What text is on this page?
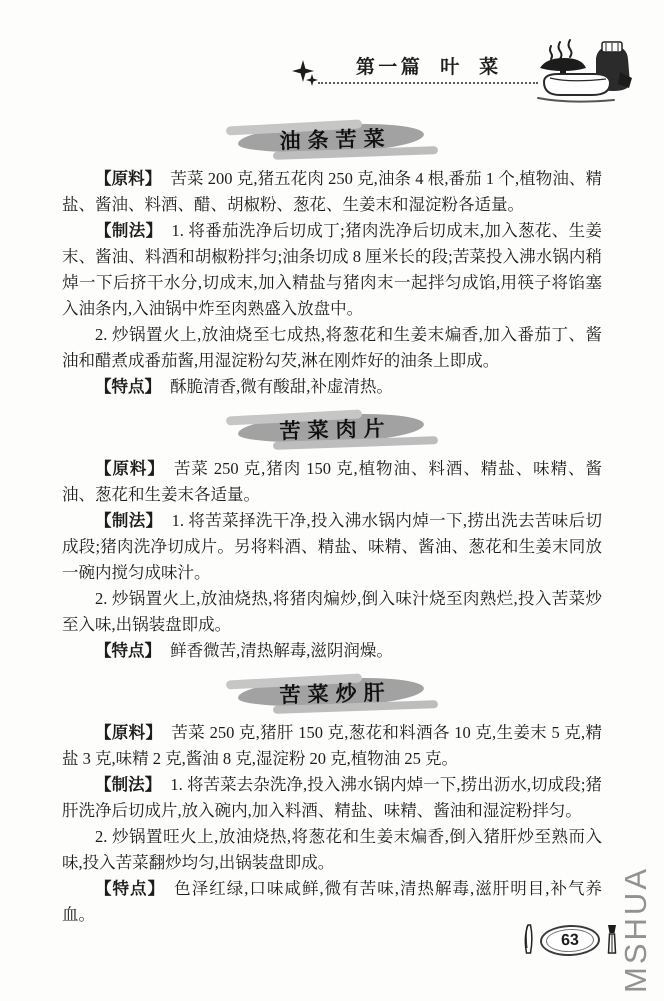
第一篇 叶菜
油条苦菜

【原料】 苦菜 200 克,猪五花肉 250 克,油条 4 根,番茄 1 个,植物油、精盐、酱油、料酒、醋、胡椒粉、葱花、生姜末和湿淀粉各适量。

【制法】 1. 将番茄洗净后切成丁;猪肉洗净后切成末,加入葱花、生姜末、酱油、料酒和胡椒粉拌匀;油条切成 8 厘米长的段;苦菜投入沸水锅内稍焯一下后挤干水分,切成末,加入精盐与猪肉末一起拌匀成馅,用筷子将馅塞入油条内,入油锅中炸至肉熟盛入放盘中。

2. 炒锅置火上,放油烧至七成热,将葱花和生姜末煸香,加入番茄丁、酱油和醋煮成番茄酱,用湿淀粉勾芡,淋在刚炸好的油条上即成。

【特点】 酥脆清香,微有酸甜,补虚清热。

苦菜肉片

【原料】 苦菜 250 克,猪肉 150 克,植物油、料酒、精盐、味精、酱油、葱花和生姜末各适量。

【制法】 1. 将苦菜择洗干净,投入沸水锅内焯一下,捞出洗去苦味后切成段;猪肉洗净切成片。另将料酒、精盐、味精、酱油、葱花和生姜末同放一碗内搅匀成味汁。

2. 炒锅置火上,放油烧热,将猪肉煸炒,倒入味汁烧至肉熟烂,投入苦菜炒至入味,出锅装盘即成。

【特点】 鲜香微苦,清热解毒,滋阴润燥。

苦菜炒肝

【原料】 苦菜 250 克,猪肝 150 克,葱花和料酒各 10 克,生姜末 5 克,精盐 3 克,味精 2 克,酱油 8 克,湿淀粉 20 克,植物油 25 克。

【制法】 1. 将苦菜去杂洗净,投入沸水锅内焯一下,捞出沥水,切成段;猪肝洗净后切成片,放入碗内,加入料酒、精盐、味精、酱油和湿淀粉拌匀。

2. 炒锅置旺火上,放油烧热,将葱花和生姜末煸香,倒入猪肝炒至熟而入味,投入苦菜翻炒均匀,出锅装盘即成。

【特点】 色泽红绿,口味咸鲜,微有苦味,清热解毒,滋肝明目,补气养血。

63 MSHUA
